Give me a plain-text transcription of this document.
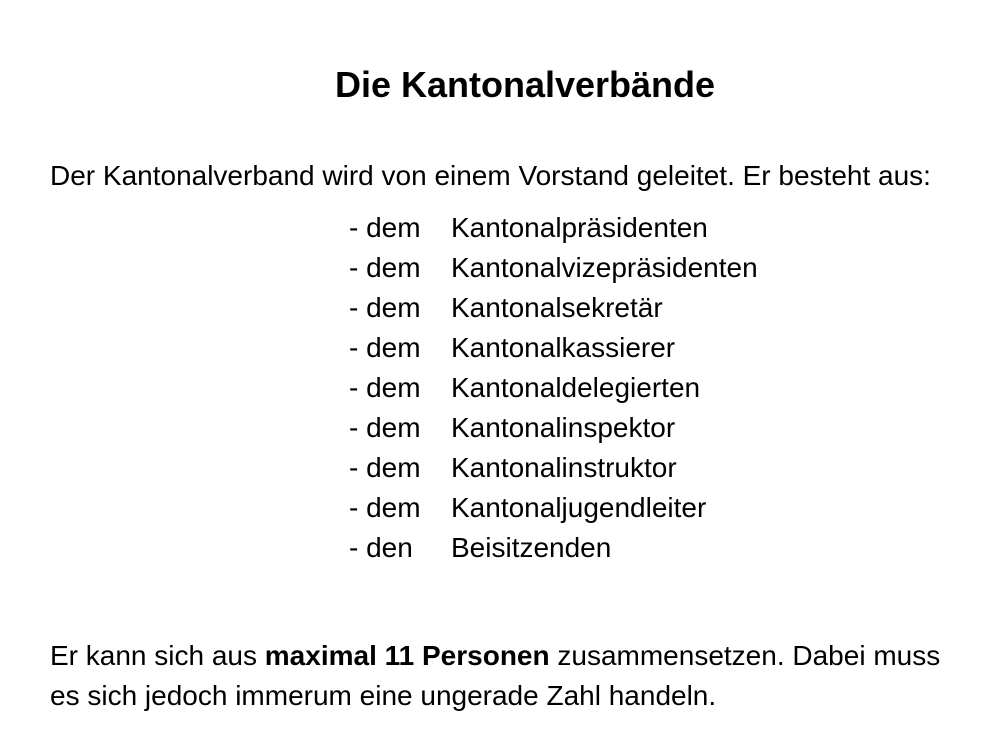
Die Kantonalverbände

Der Kantonalverband wird von einem Vorstand geleitet. Er besteht aus:

- dem	Kantonalpräsidenten
- dem	Kantonalvizepräsidenten
- dem	Kantonalsekretär
- dem	Kantonalkassierer
- dem	Kantonaldelegierten
- dem	Kantonalinspektor
- dem	Kantonalinstruktor
- dem	Kantonaljugendleiter
- den	Beisitzenden

Er kann sich aus maximal 11 Personen zusammensetzen. Dabei muss es sich jedoch immerum eine ungerade Zahl handeln.
